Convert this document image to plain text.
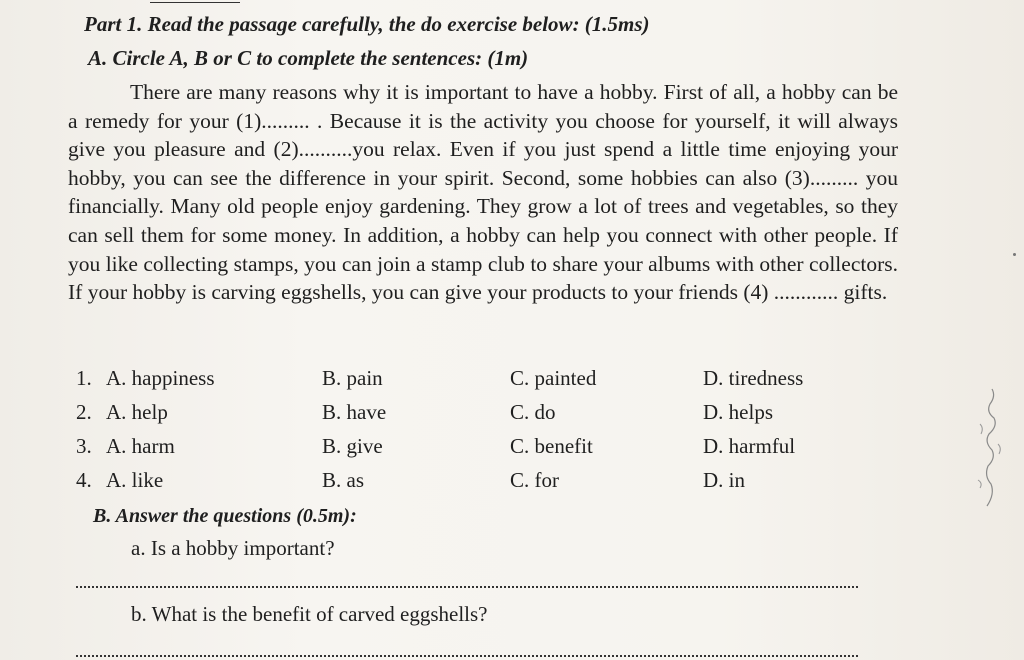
Part 1. Read the passage carefully, the do exercise below: (1.5ms)
A. Circle A, B or C to complete the sentences: (1m)

There are many reasons why it is important to have a hobby. First of all, a hobby can be a remedy for your (1)......... . Because it is the activity you choose for yourself, it will always give you pleasure and (2)..........you relax. Even if you just spend a little time enjoying your hobby, you can see the difference in your spirit. Second, some hobbies can also (3)......... you financially. Many old people enjoy gardening. They grow a lot of trees and vegetables, so they can sell them for some money. In addition, a hobby can help you connect with other people. If you like collecting stamps, you can join a stamp club to share your albums with other collectors. If your hobby is carving eggshells, you can give your products to your friends (4) ............ gifts.

1. A. happiness	B. pain	C. painted	D. tiredness
2. A. help	B. have	C. do	D. helps
3. A. harm	B. give	C. benefit	D. harmful
4. A. like	B. as	C. for	D. in
B. Answer the questions (0.5m):
a. Is a hobby important?
b. What is the benefit of carved eggshells?
